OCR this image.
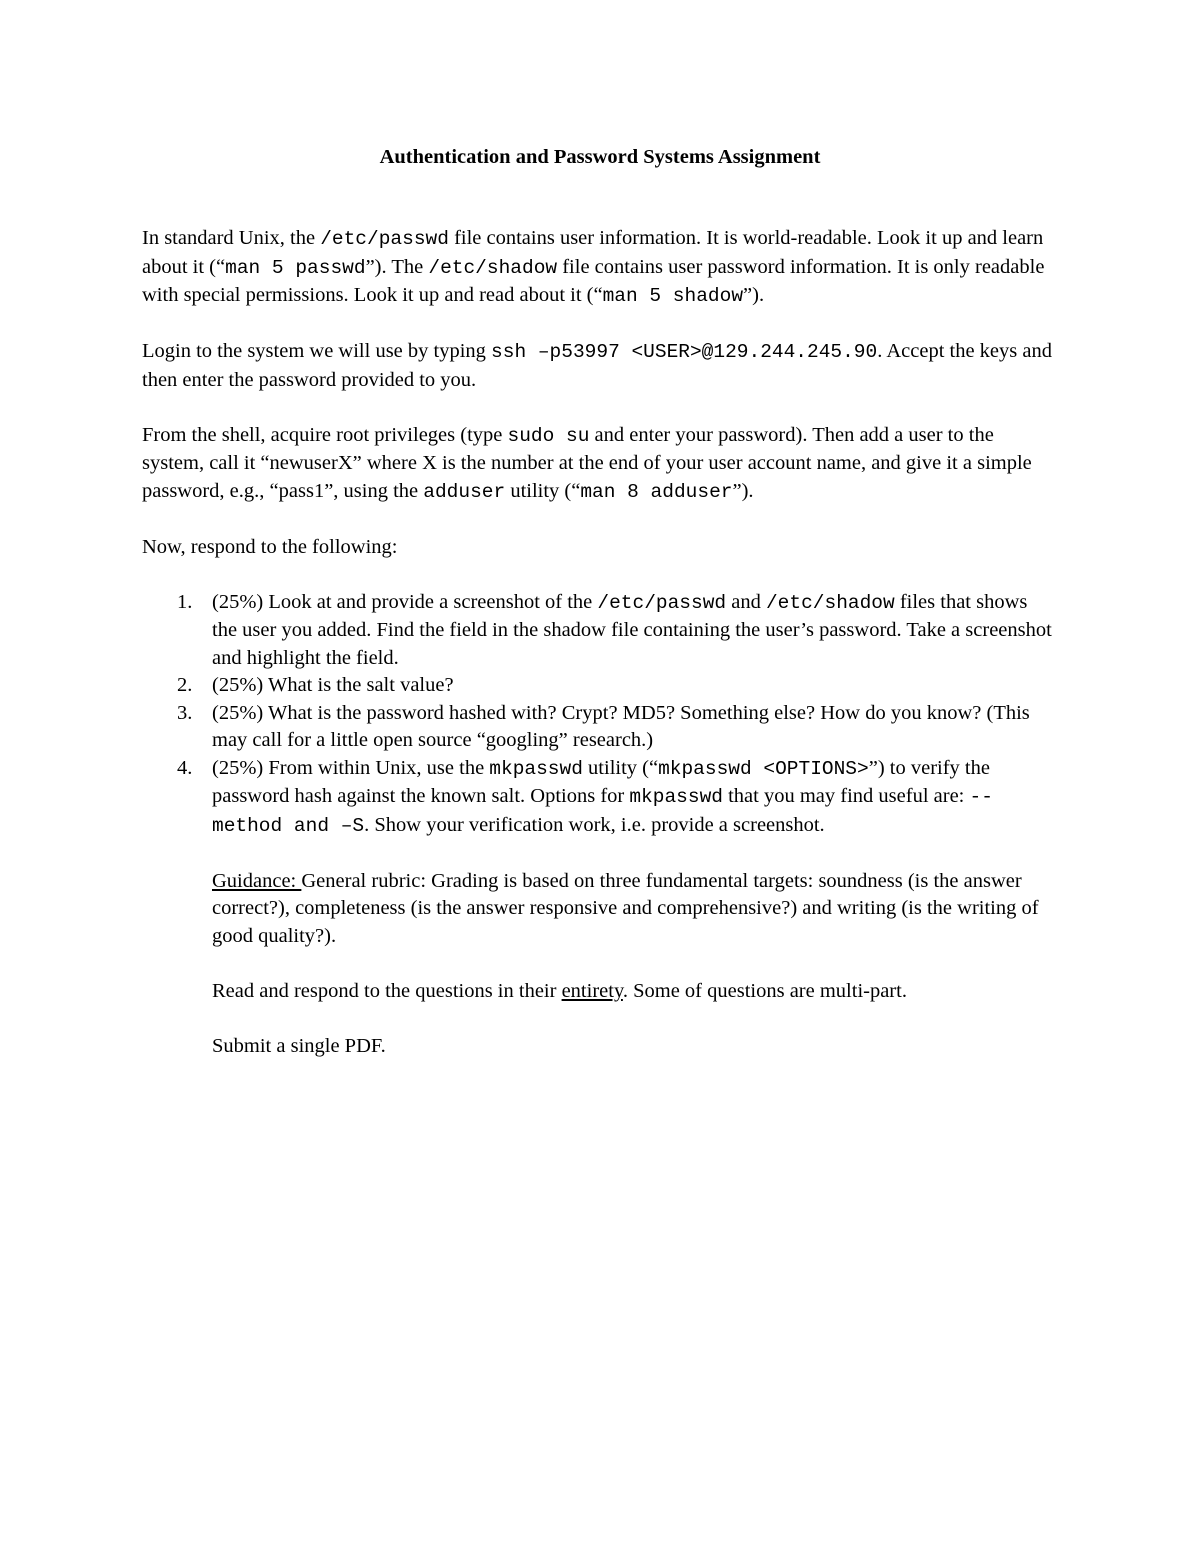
Authentication and Password Systems Assignment

In standard Unix, the /etc/passwd file contains user information. It is world-readable. Look it up and learn about it (“man 5 passwd”). The /etc/shadow file contains user password information. It is only readable with special permissions. Look it up and read about it (“man 5 shadow”).

Login to the system we will use by typing ssh –p53997 <USER>@129.244.245.90. Accept the keys and then enter the password provided to you.

From the shell, acquire root privileges (type sudo su and enter your password). Then add a user to the system, call it “newuserX” where X is the number at the end of your user account name, and give it a simple password, e.g., “pass1”, using the adduser utility (“man 8 adduser”).

Now, respond to the following:

1. (25%) Look at and provide a screenshot of the /etc/passwd and /etc/shadow files that shows the user you added. Find the field in the shadow file containing the user’s password. Take a screenshot and highlight the field.
2. (25%) What is the salt value?
3. (25%) What is the password hashed with? Crypt? MD5? Something else? How do you know? (This may call for a little open source “googling” research.)
4. (25%) From within Unix, use the mkpasswd utility (“mkpasswd <OPTIONS>”) to verify the password hash against the known salt. Options for mkpasswd that you may find useful are: --method and –S. Show your verification work, i.e. provide a screenshot.

Guidance: General rubric: Grading is based on three fundamental targets: soundness (is the answer correct?), completeness (is the answer responsive and comprehensive?) and writing (is the writing of good quality?).

Read and respond to the questions in their entirety. Some of questions are multi-part.

Submit a single PDF.
